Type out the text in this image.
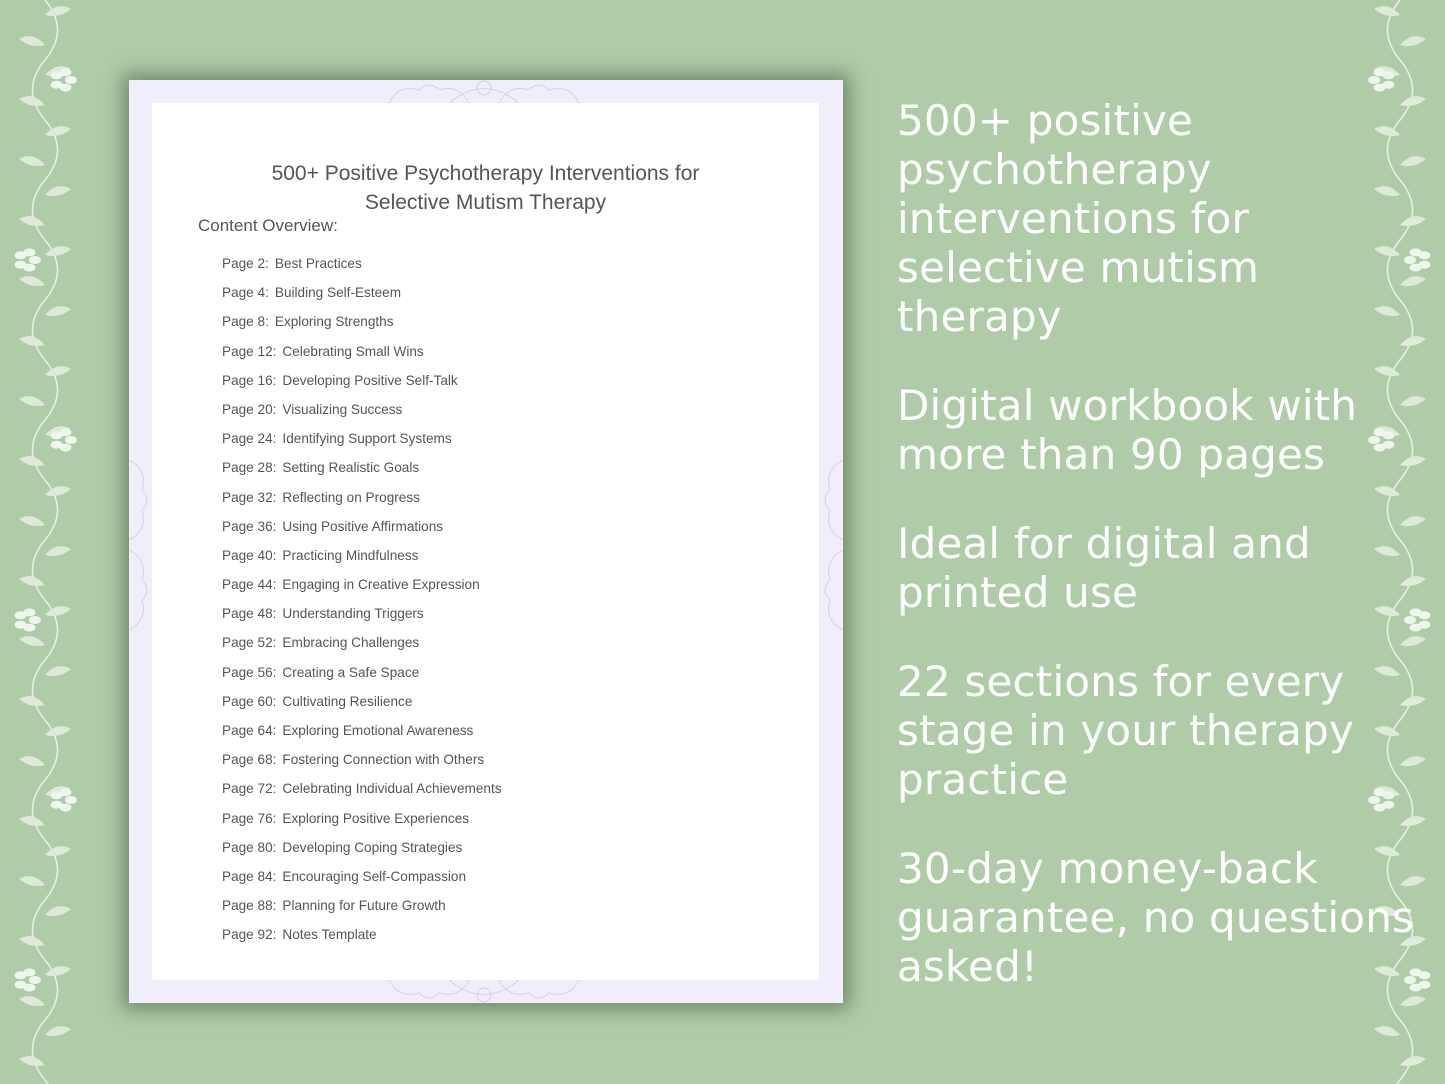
500+ Positive Psychotherapy Interventions for
Selective Mutism Therapy
Content Overview:
Page 2: Best Practices
Page 4: Building Self-Esteem
Page 8: Exploring Strengths
Page 12: Celebrating Small Wins
Page 16: Developing Positive Self-Talk
Page 20: Visualizing Success
Page 24: Identifying Support Systems
Page 28: Setting Realistic Goals
Page 32: Reflecting on Progress
Page 36: Using Positive Affirmations
Page 40: Practicing Mindfulness
Page 44: Engaging in Creative Expression
Page 48: Understanding Triggers
Page 52: Embracing Challenges
Page 56: Creating a Safe Space
Page 60: Cultivating Resilience
Page 64: Exploring Emotional Awareness
Page 68: Fostering Connection with Others
Page 72: Celebrating Individual Achievements
Page 76: Exploring Positive Experiences
Page 80: Developing Coping Strategies
Page 84: Encouraging Self-Compassion
Page 88: Planning for Future Growth
Page 92: Notes Template

500+ positive psychotherapy interventions for selective mutism therapy

Digital workbook with more than 90 pages

Ideal for digital and printed use

22 sections for every stage in your therapy practice

30-day money-back guarantee, no questions asked!
